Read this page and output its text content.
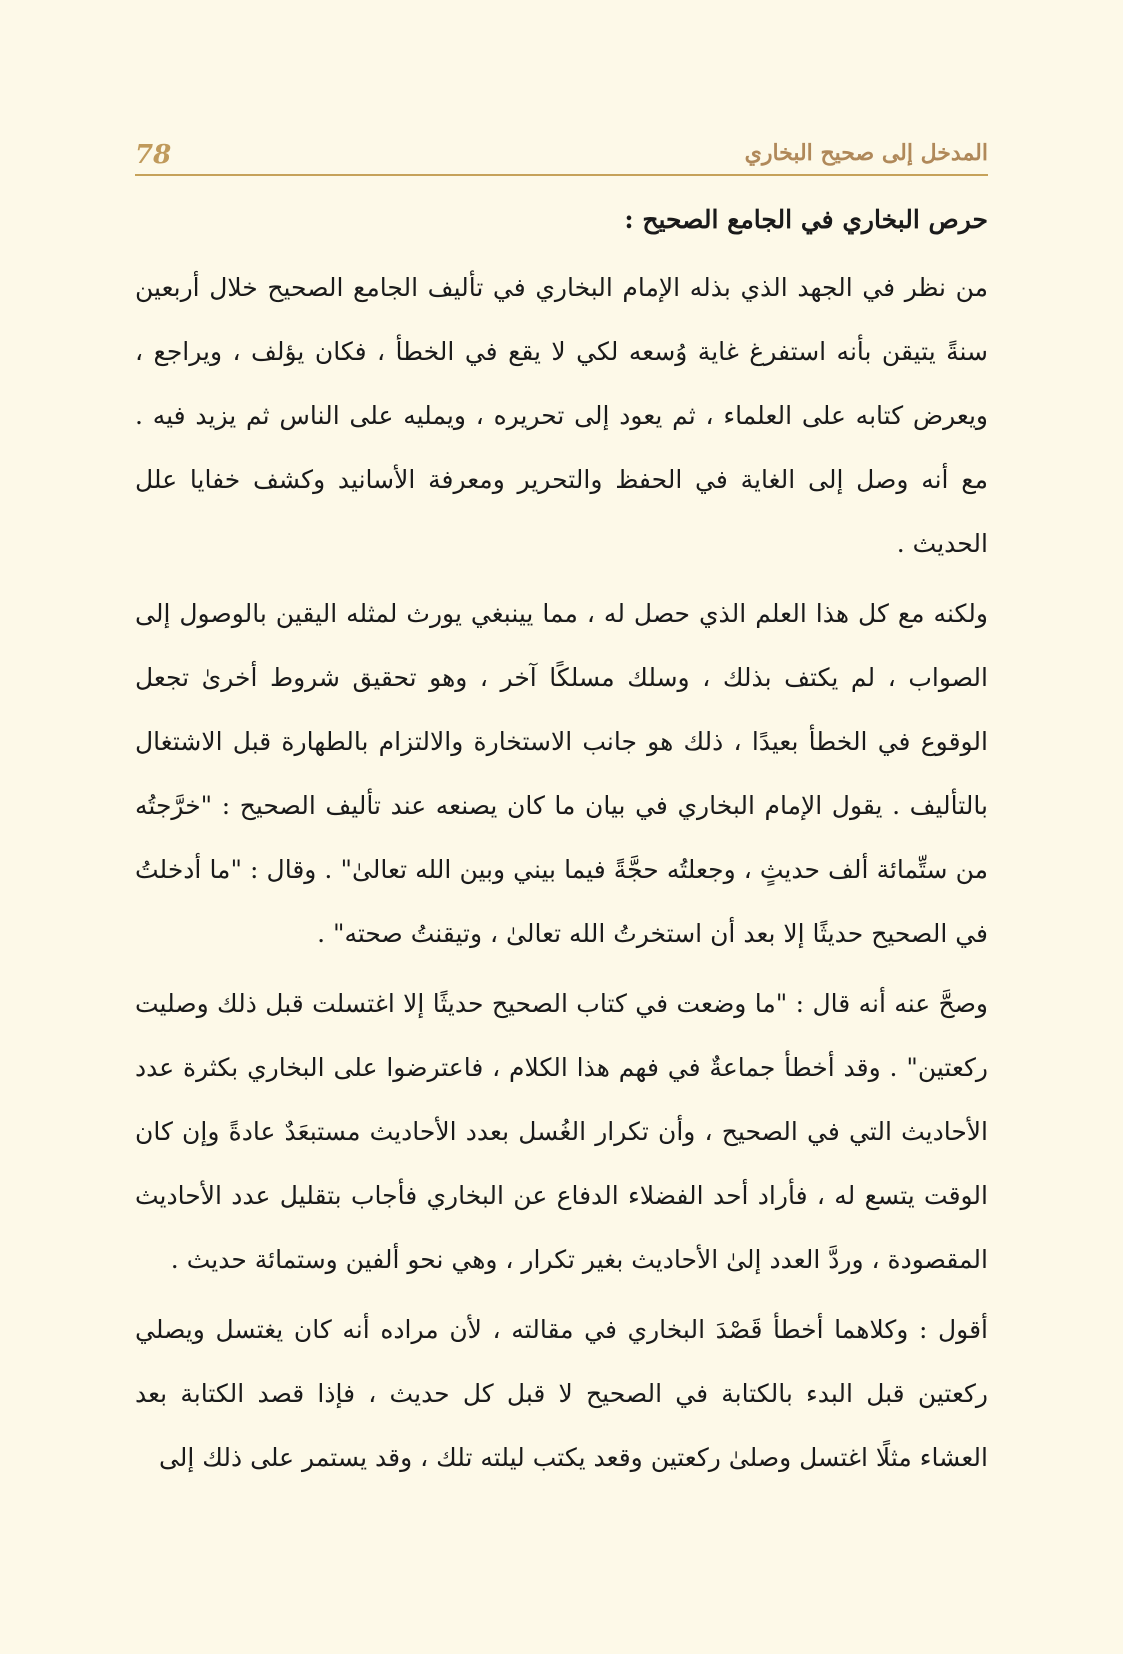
المدخل إلى صحيح البخاري
78
حرص البخاري في الجامع الصحيح :

من نظر في الجهد الذي بذله الإمام البخاري في تأليف الجامع الصحيح خلال أربعين سنةً يتيقن بأنه استفرغ غاية وُسعه لكي لا يقع في الخطأ ، فكان يؤلف ، ويراجع ، ويعرض كتابه على العلماء ، ثم يعود إلى تحريره ، ويمليه على الناس ثم يزيد فيه . مع أنه وصل إلى الغاية في الحفظ والتحرير ومعرفة الأسانيد وكشف خفايا علل الحديث .

ولكنه مع كل هذا العلم الذي حصل له ، مما يينبغي يورث لمثله اليقين بالوصول إلى الصواب ، لم يكتف بذلك ، وسلك مسلكًا آخر ، وهو تحقيق شروط أخرىٰ تجعل الوقوع في الخطأ بعيدًا ، ذلك هو جانب الاستخارة والالتزام بالطهارة قبل الاشتغال بالتأليف . يقول الإمام البخاري في بيان ما كان يصنعه عند تأليف الصحيح : "خرَّجتُه من ستِّمائة ألف حديثٍ ، وجعلتُه حجَّةً فيما بيني وبين الله تعالىٰ" . وقال : "ما أدخلتُ في الصحيح حديثًا إلا بعد أن استخرتُ الله تعالىٰ ، وتيقنتُ صحته" .

وصحَّ عنه أنه قال : "ما وضعت في كتاب الصحيح حديثًا إلا اغتسلت قبل ذلك وصليت ركعتين" . وقد أخطأ جماعةٌ في فهم هذا الكلام ، فاعترضوا على البخاري بكثرة عدد الأحاديث التي في الصحيح ، وأن تكرار الغُسل بعدد الأحاديث مستبعَدٌ عادةً وإن كان الوقت يتسع له ، فأراد أحد الفضلاء الدفاع عن البخاري فأجاب بتقليل عدد الأحاديث المقصودة ، وردَّ العدد إلىٰ الأحاديث بغير تكرار ، وهي نحو ألفين وستمائة حديث .

أقول : وكلاهما أخطأ قَصْدَ البخاري في مقالته ، لأن مراده أنه كان يغتسل ويصلي ركعتين قبل البدء بالكتابة في الصحيح لا قبل كل حديث ، فإذا قصد الكتابة بعد العشاء مثلًا اغتسل وصلىٰ ركعتين وقعد يكتب ليلته تلك ، وقد يستمر على ذلك إلى
